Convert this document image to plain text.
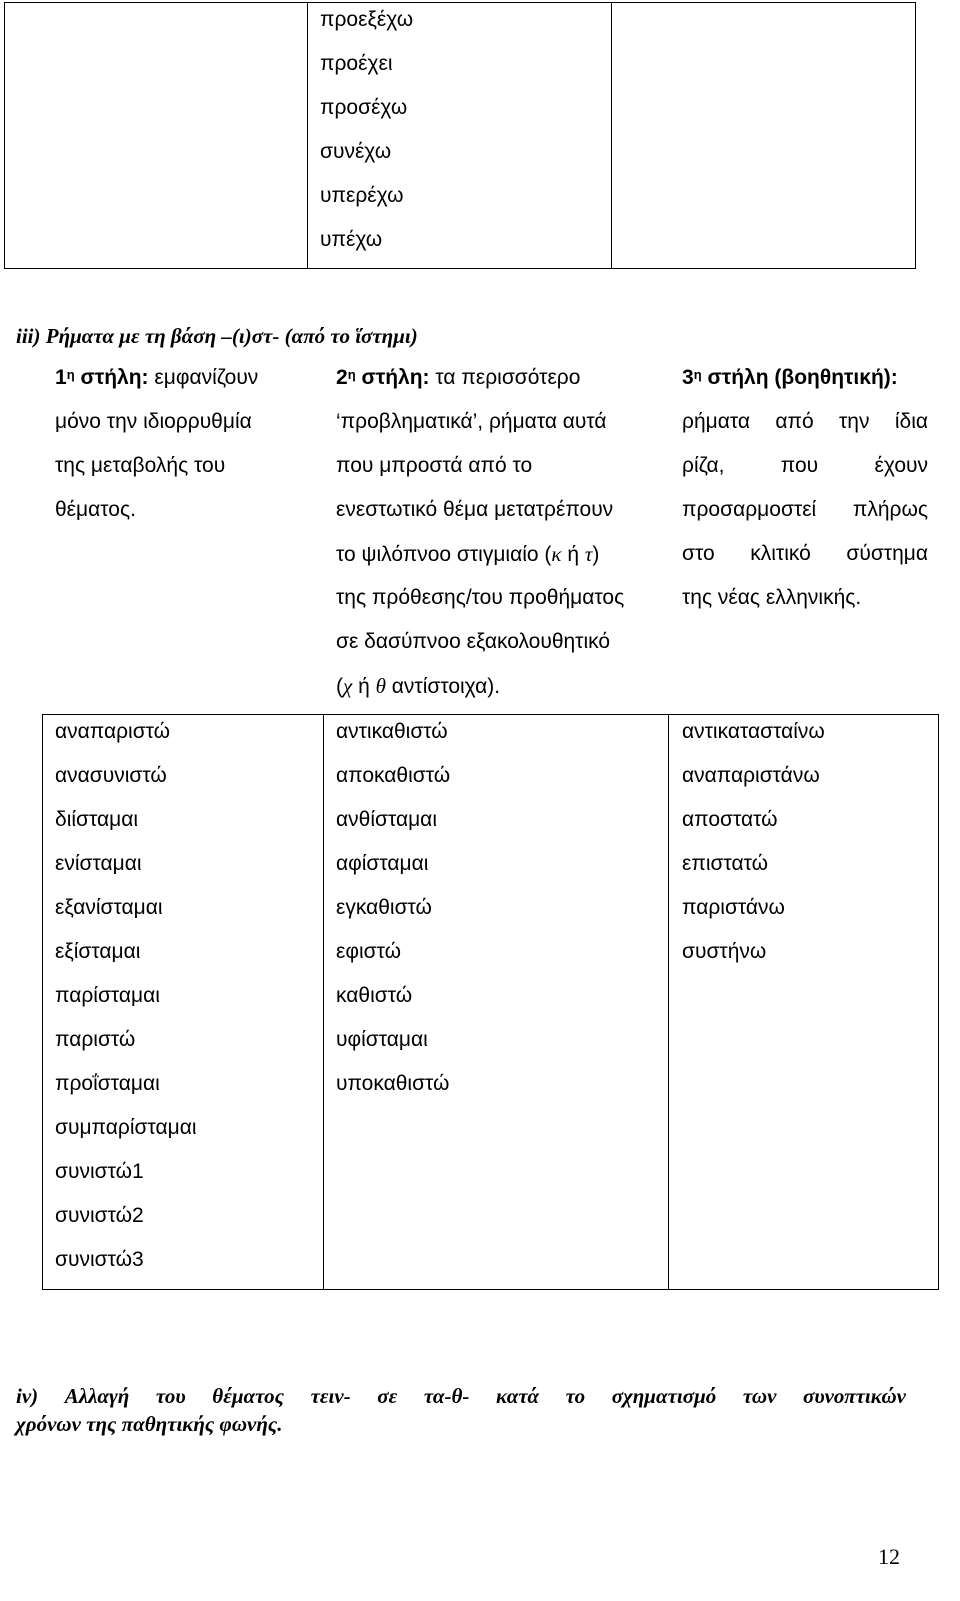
προεξέχω
προέχει
προσέχω
συνέχω
υπερέχω
υπέχω
iii) Ρήματα με τη βάση –(ι)στ- (από το ἵστημι)
$1^\eta$ στήλη: εμφανίζουν
μόνο την ιδιορρυθμία
της μεταβολής του
θέματος.
$2^\eta$ στήλη: τα περισσότερο
‘προβληματικά’, ρήματα αυτά
που μπροστά από το
ενεστωτικό θέμα μετατρέπουν
το ψιλόπνοο στιγμιαίο (κ ή τ)
της πρόθεσης/του προθήματος
σε δασύπνοο εξακολουθητικό
(χ ή θ αντίστοιχα).
$3^\eta$ στήλη (βοηθητική):
ρήματα από την ίδια
ρίζα, που έχουν
προσαρμοστεί πλήρως
στο κλιτικό σύστημα
της νέας ελληνικής.
αναπαριστώ
ανασυνιστώ
διίσταμαι
ενίσταμαι
εξανίσταμαι
εξίσταμαι
παρίσταμαι
παριστώ
προΐσταμαι
συμπαρίσταμαι
συνιστώ1
συνιστώ2
συνιστώ3
αντικαθιστώ
αποκαθιστώ
ανθίσταμαι
αφίσταμαι
εγκαθιστώ
εφιστώ
καθιστώ
υφίσταμαι
υποκαθιστώ
αντικατασταίνω
αναπαριστάνω
αποστατώ
επιστατώ
παριστάνω
συστήνω
iv) Αλλαγή του θέματος τειν- σε τα-θ- κατά το σχηματισμό των συνοπτικών
χρόνων της παθητικής φωνής.
12
